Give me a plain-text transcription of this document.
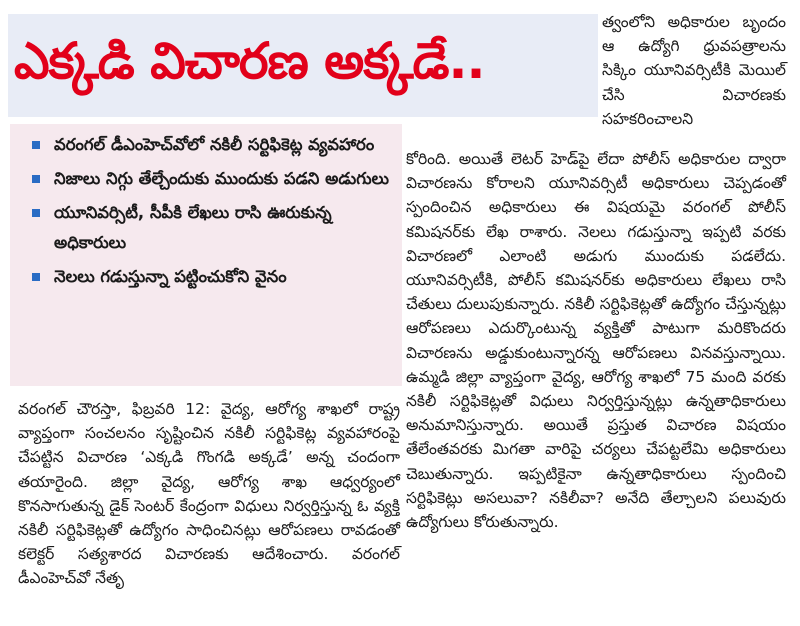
ఎక్కడి విచారణ అక్కడే..
వరంగల్ డీఎంహెచ్‌వోలో నకిలీ సర్టిఫికెట్ల వ్యవహారం
నిజాలు నిగ్గు తేల్చేందుకు ముందుకు పడని అడుగులు
యూనివర్సిటీ, సీపీకి లేఖలు రాసి ఊరుకున్న అధికారులు
నెలలు గడుస్తున్నా పట్టించుకోని వైనం
త్వంలోని అధికారుల బృందం ఆ ఉద్యోగి ధ్రువపత్రాలను సిక్కిం యూనివర్సిటీకి మెయిల్ చేసి విచారణకు సహకరించాలని
కోరింది. అయితే లెటర్ హెడ్‌పై లేదా పోలీస్ అధికారుల ద్వారా విచారణను కోరాలని యూనివర్సిటీ అధికారులు చెప్పడంతో స్పందించిన అధికారులు ఈ విషయమై వరంగల్ పోలీస్ కమిషనర్‌కు లేఖ రాశారు. నెలలు గడుస్తున్నా ఇప్పటి వరకు విచారణలో ఎలాంటి అడుగు ముందుకు పడలేదు. యూనివర్సిటీకి, పోలీస్ కమిషనర్‌కు అధికారులు లేఖలు రాసి చేతులు దులుపుకున్నారు. నకిలీ సర్టిఫికెట్లతో ఉద్యోగం చేస్తున్నట్లు ఆరోపణలు ఎదుర్కొంటున్న వ్యక్తితో పాటుగా మరికొందరు విచారణను అడ్డుకుంటున్నారన్న ఆరోపణలు వినవస్తున్నాయి. ఉమ్మడి జిల్లా వ్యాప్తంగా వైద్య, ఆరోగ్య శాఖలో 75 మంది వరకు నకిలీ సర్టిఫికెట్లతో విధులు నిర్వర్తిస్తున్నట్లు ఉన్నతాధికారులు అనుమానిస్తున్నారు. అయితే ప్రస్తుత విచారణ విషయం తేలేంతవరకు మిగతా వారిపై చర్యలు చేపట్టలేమి అధికారులు చెబుతున్నారు. ఇప్పటికైనా ఉన్నతాధికారులు స్పందించి సర్టిఫికెట్లు అసలువా? నకిలీవా? అనేది తేల్చాలని పలువురు ఉద్యోగులు కోరుతున్నారు.
వరంగల్ చౌరస్తా, ఫిబ్రవరి 12: వైద్య, ఆరోగ్య శాఖలో రాష్ట్ర వ్యాప్తంగా సంచలనం సృష్టించిన నకిలీ సర్టిఫికెట్ల వ్యవహారంపై చేపట్టిన విచారణ ‘ఎక్కడి గొంగడి అక్కడే’ అన్న చందంగా తయారైంది. జిల్లా వైద్య, ఆరోగ్య శాఖ ఆధ్వర్యంలో కొనసాగుతున్న డైక్ సెంటర్ కేంద్రంగా విధులు నిర్వర్తిస్తున్న ఓ వ్యక్తి నకిలీ సర్టిఫికెట్లతో ఉద్యోగం సాధించినట్లు ఆరోపణలు రావడంతో కలెక్టర్ సత్యశారద విచారణకు ఆదేశించారు. వరంగల్ డీఎంహెచ్‌వో నేతృ
